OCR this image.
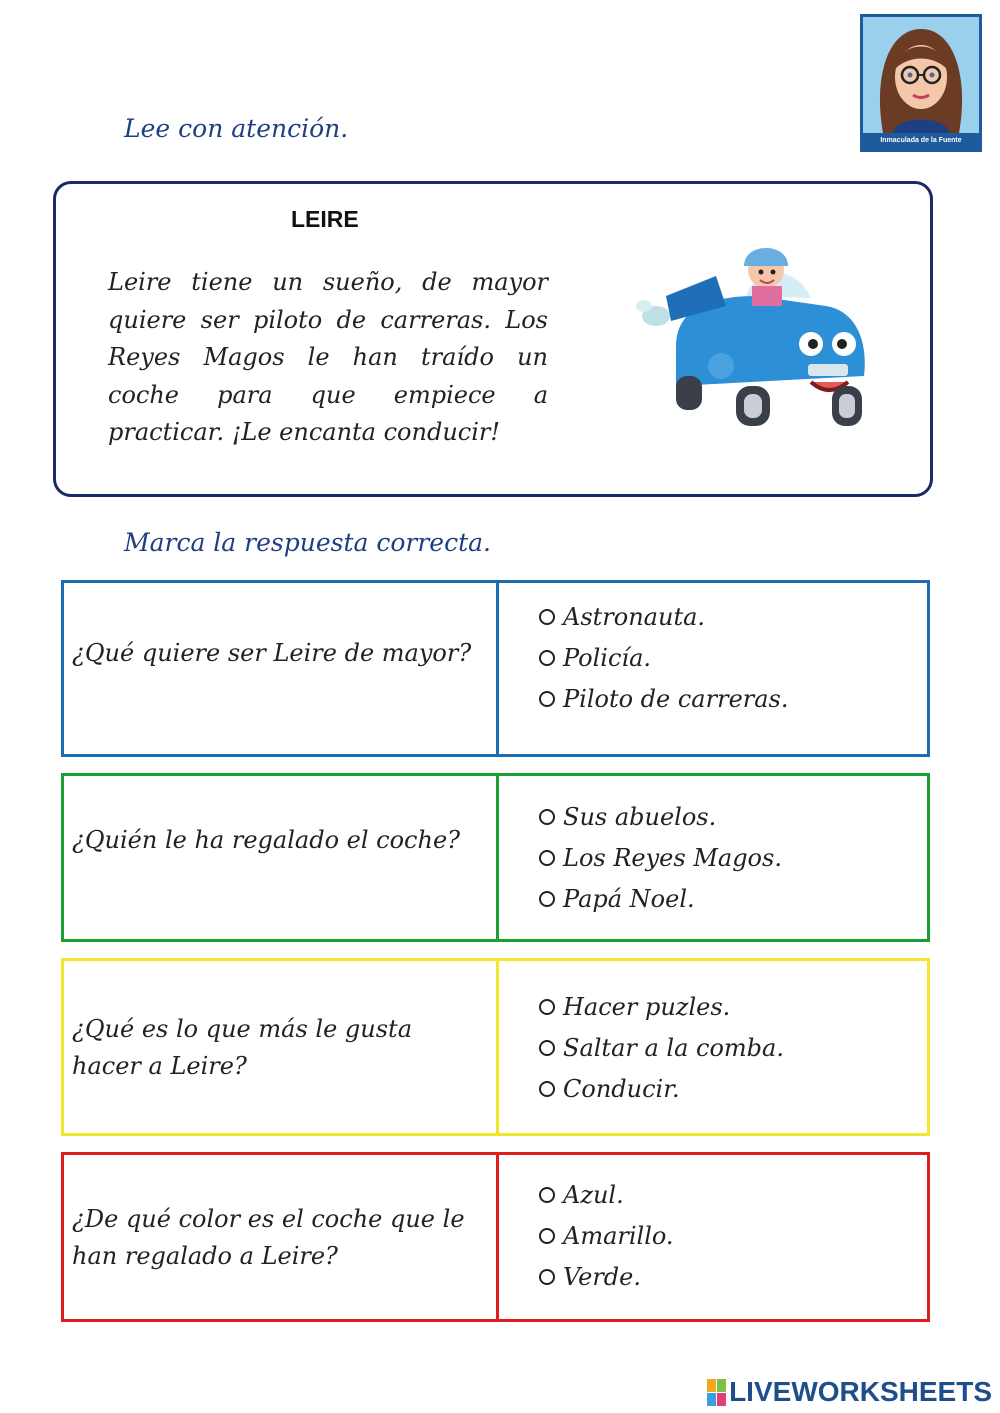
Inmaculada de la Fuente
Lee con atención.
LEIRE
Leire tiene un sueño, de mayor quiere ser piloto de carreras. Los Reyes Magos le han traído un coche para que empiece a practicar. ¡Le encanta conducir!
Marca la respuesta correcta.
¿Qué quiere ser Leire de mayor?
Astronauta.
Policía.
Piloto de carreras.
¿Quién le ha regalado el coche?
Sus abuelos.
Los Reyes Magos.
Papá Noel.
¿Qué es lo que más le gusta hacer a Leire?
Hacer puzles.
Saltar a la comba.
Conducir.
¿De qué color es el coche que le han regalado a Leire?
Azul.
Amarillo.
Verde.
LIVEWORKSHEETS
